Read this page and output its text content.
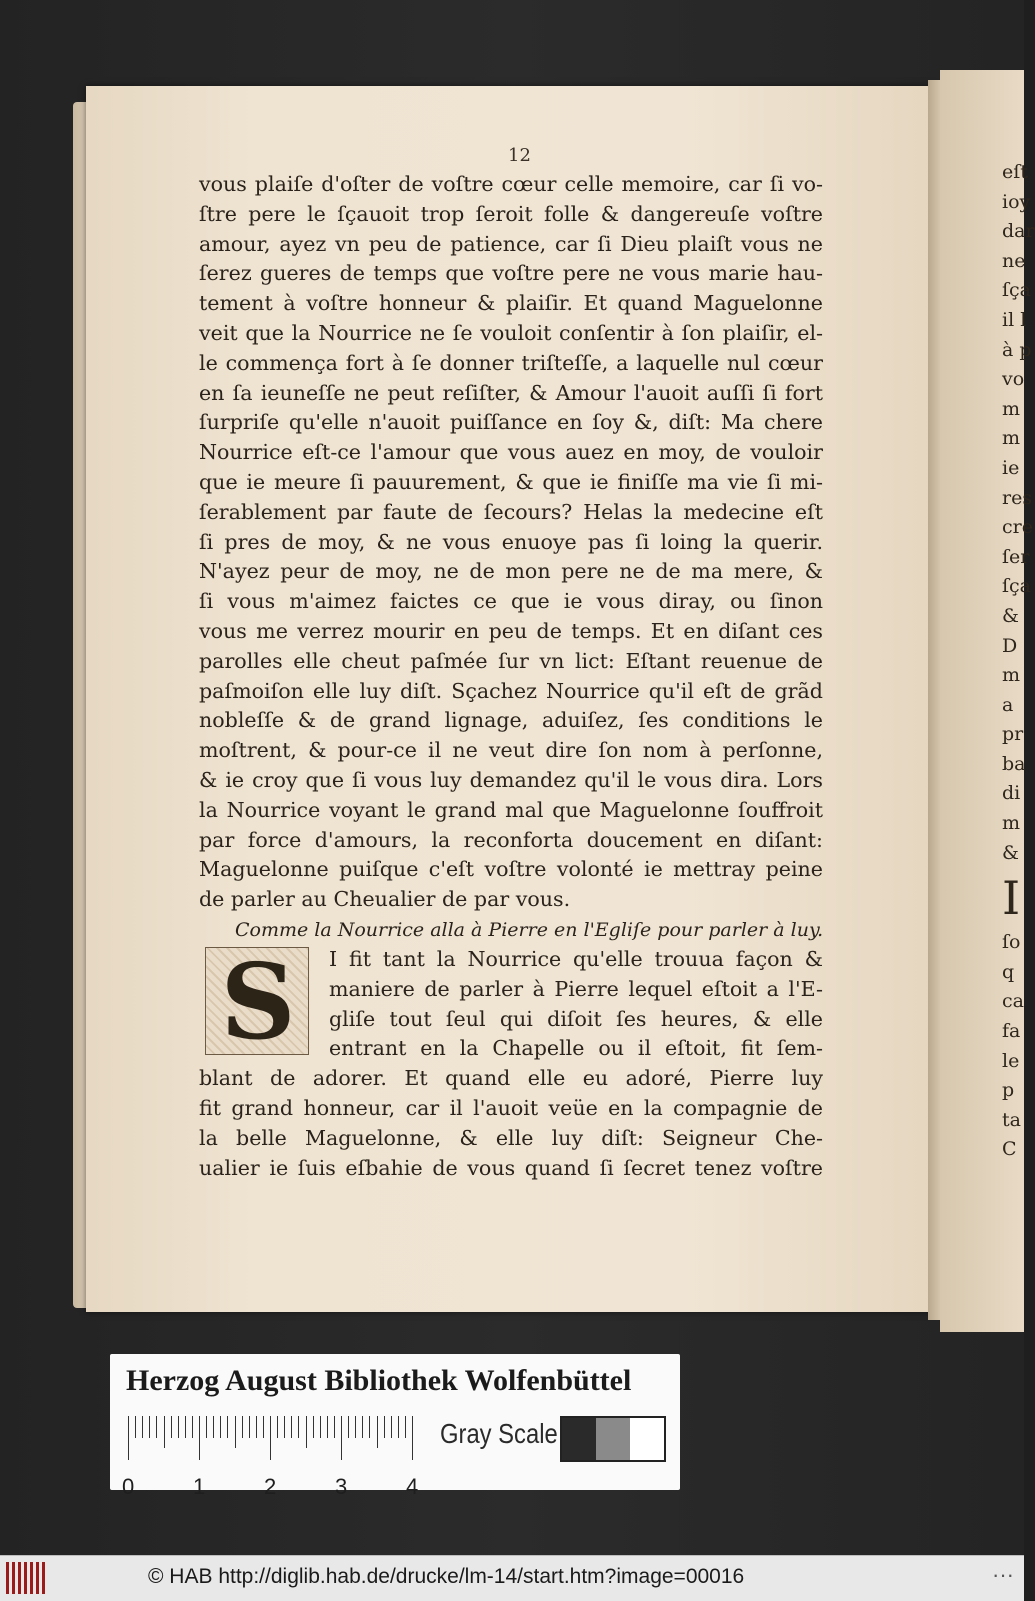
eſt
ioy
dar
ne
ſça
il l
à p
vo
m
m
ie
res
cre
ſer
ſça
&
D
m
a
pr
ba
di
m
&
I
ſo
q
ca
fa
le
p
ta
C
12
vous plaiſe d'oſter de voſtre cœur celle memoire, car ſi vo-
ſtre pere le ſçauoit trop ſeroit folle & dangereuſe voſtre
amour, ayez vn peu de patience, car ſi Dieu plaiſt vous ne
ſerez gueres de temps que voſtre pere ne vous marie hau-
tement à voſtre honneur & plaiſir. Et quand Maguelonne
veit que la Nourrice ne ſe vouloit conſentir à ſon plaiſir, el-
le commença fort à ſe donner triſteſſe, a laquelle nul cœur
en ſa ieuneſſe ne peut reſiſter, & Amour l'auoit auſſi ſi fort
ſurpriſe qu'elle n'auoit puiſſance en ſoy &, diſt: Ma chere
Nourrice eſt-ce l'amour que vous auez en moy, de vouloir
que ie meure ſi pauurement, & que ie finiſſe ma vie ſi mi-
ſerablement par faute de ſecours? Helas la medecine eſt
ſi pres de moy, & ne vous enuoye pas ſi loing la querir.
N'ayez peur de moy, ne de mon pere ne de ma mere, &
ſi vous m'aimez faictes ce que ie vous diray, ou ſinon
vous me verrez mourir en peu de temps. Et en diſant ces
parolles elle cheut paſmée ſur vn lict: Eſtant reuenue de
paſmoiſon elle luy diſt. Sçachez Nourrice qu'il eſt de grãd
nobleſſe & de grand lignage, aduiſez, ſes conditions le
moſtrent, & pour-ce il ne veut dire ſon nom à perſonne,
& ie croy que ſi vous luy demandez qu'il le vous dira. Lors
la Nourrice voyant le grand mal que Maguelonne ſouffroit
par force d'amours, la reconforta doucement en diſant:
Maguelonne puiſque c'eſt voſtre volonté ie mettray peine
de parler au Cheualier de par vous.
Comme la Nourrice alla à Pierre en l'Egliſe pour parler à luy.
S	I fit tant la Nourrice qu'elle trouua façon &
maniere de parler à Pierre lequel eſtoit a l'E-
gliſe tout ſeul qui diſoit ſes heures, & elle
entrant en la Chapelle ou il eſtoit, fit ſem-
blant de adorer. Et quand elle eu adoré, Pierre luy
fit grand honneur, car il l'auoit veüe en la compagnie de
la belle Maguelonne, & elle luy diſt: Seigneur Che-
ualier ie ſuis eſbahie de vous quand ſi ſecret tenez voſtre
Herzog August Bibliothek Wolfenbüttel
0	1	2	3	4
Gray Scale
© HAB http://diglib.hab.de/drucke/lm-14/start.htm?image=00016	···
